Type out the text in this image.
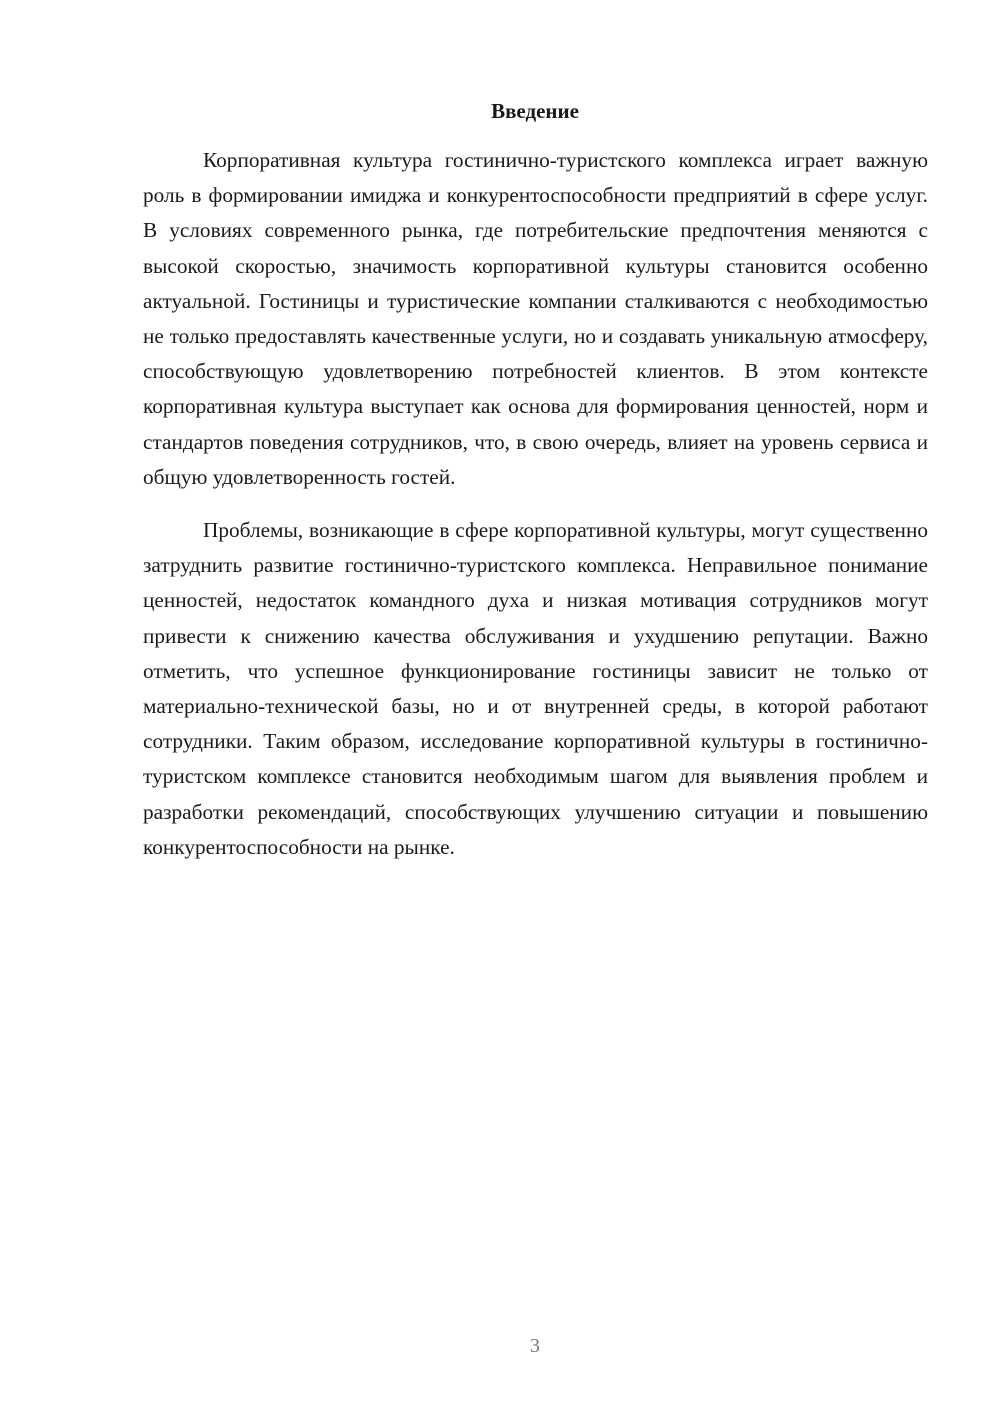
Введение

Корпоративная культура гостинично-туристского комплекса играет важную роль в формировании имиджа и конкурентоспособности предприятий в сфере услуг. В условиях современного рынка, где потребительские предпочтения меняются с высокой скоростью, значимость корпоративной культуры становится особенно актуальной. Гостиницы и туристические компании сталкиваются с необходимостью не только предоставлять качественные услуги, но и создавать уникальную атмосферу, способствующую удовлетворению потребностей клиентов. В этом контексте корпоративная культура выступает как основа для формирования ценностей, норм и стандартов поведения сотрудников, что, в свою очередь, влияет на уровень сервиса и общую удовлетворенность гостей.

Проблемы, возникающие в сфере корпоративной культуры, могут существенно затруднить развитие гостинично-туристского комплекса. Неправильное понимание ценностей, недостаток командного духа и низкая мотивация сотрудников могут привести к снижению качества обслуживания и ухудшению репутации. Важно отметить, что успешное функционирование гостиницы зависит не только от материально-технической базы, но и от внутренней среды, в которой работают сотрудники. Таким образом, исследование корпоративной культуры в гостинично-туристском комплексе становится необходимым шагом для выявления проблем и разработки рекомендаций, способствующих улучшению ситуации и повышению конкурентоспособности на рынке.

3
